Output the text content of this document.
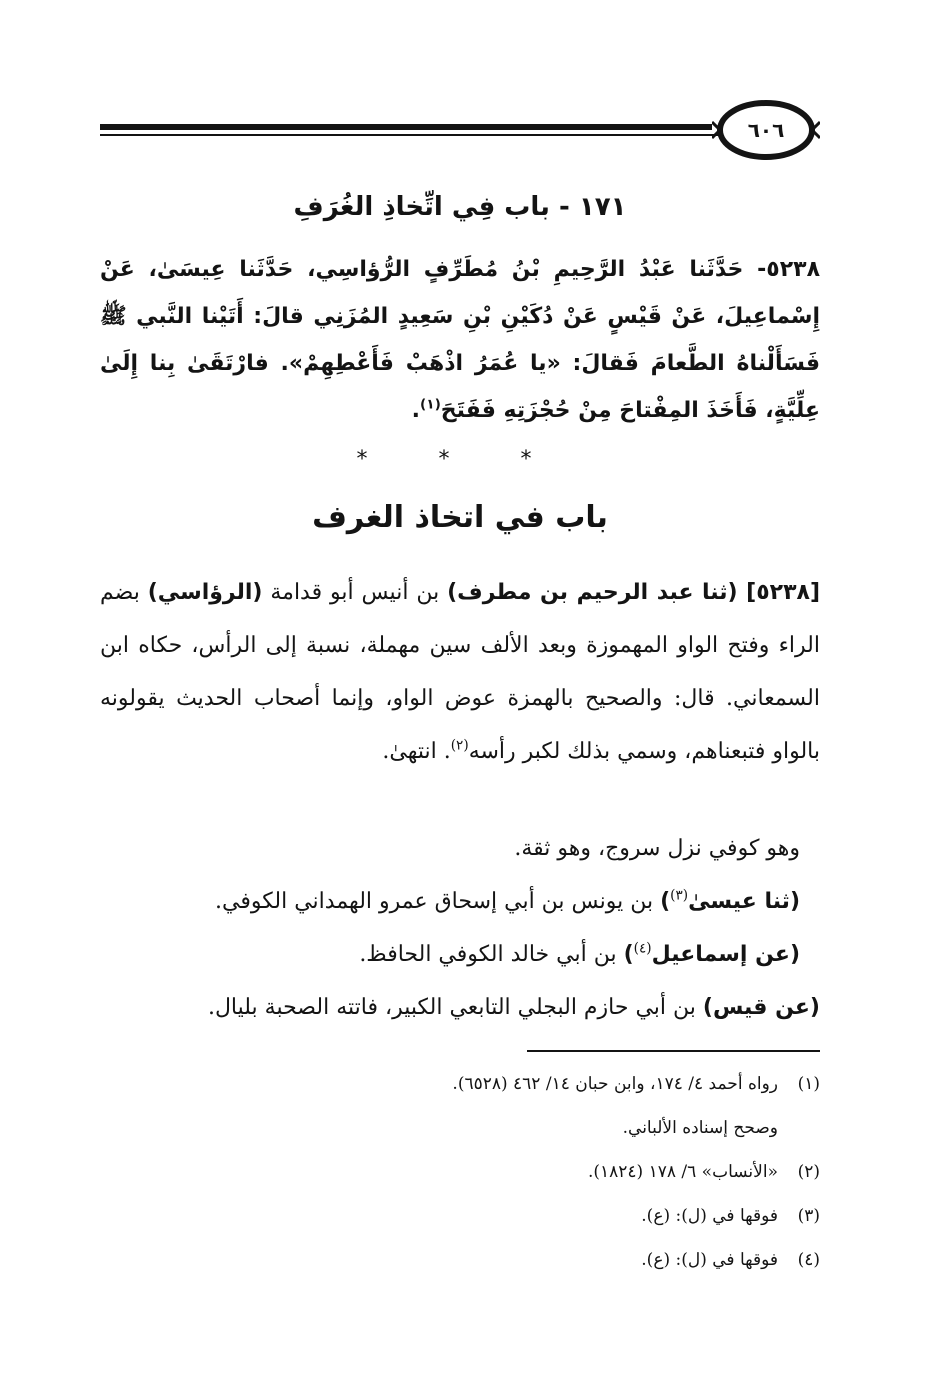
٦٠٦
١٧١ - باب فِي اتِّخاذِ الغُرَفِ
٥٢٣٨- حَدَّثَنا عَبْدُ الرَّحِيمِ بْنُ مُطَرِّفٍ الرُّؤاسِي، حَدَّثَنا عِيسَىٰ، عَنْ إِسْماعِيلَ، عَنْ قَيْسٍ عَنْ دُكَيْنِ بْنِ سَعِيدٍ المُزَنِي قالَ: أَتَيْنا النَّبي ﷺ فَسَأَلْناهُ الطَّعامَ فَقالَ: «يا عُمَرُ اذْهَبْ فَأَعْطِهِمْ». فارْتَقَىٰ بِنا إِلَىٰ عِلِّيَّةٍ، فَأَخَذَ المِفْتاحَ مِنْ حُجْزَتِهِ فَفَتَحَ$^{(١)}$.
* * *
باب في اتخاذ الغرف
[٥٢٣٨] (ثنا عبد الرحيم بن مطرف) بن أنيس أبو قدامة (الرؤاسي) بضم الراء وفتح الواو المهموزة وبعد الألف سين مهملة، نسبة إلى الرأس، حكاه ابن السمعاني. قال: والصحيح بالهمزة عوض الواو، وإنما أصحاب الحديث يقولونه بالواو فتبعناهم، وسمي بذلك لكبر رأسه$^{(٢)}$. انتهىٰ.
وهو كوفي نزل سروج، وهو ثقة.
(ثنا عيسىٰ$^{(٣)}$) بن يونس بن أبي إسحاق عمرو الهمداني الكوفي.
(عن إسماعيل$^{(٤)}$) بن أبي خالد الكوفي الحافظ.
(عن قيس) بن أبي حازم البجلي التابعي الكبير، فاتته الصحبة بليال.
(١)رواه أحمد ٤/ ١٧٤، وابن حبان ١٤/ ٤٦٢ (٦٥٢٨).
وصحح إسناده الألباني.
(٢)«الأنساب» ٦/ ١٧٨ (١٨٢٤).
(٣)فوقها في (ل): (ع).
(٤)فوقها في (ل): (ع).
